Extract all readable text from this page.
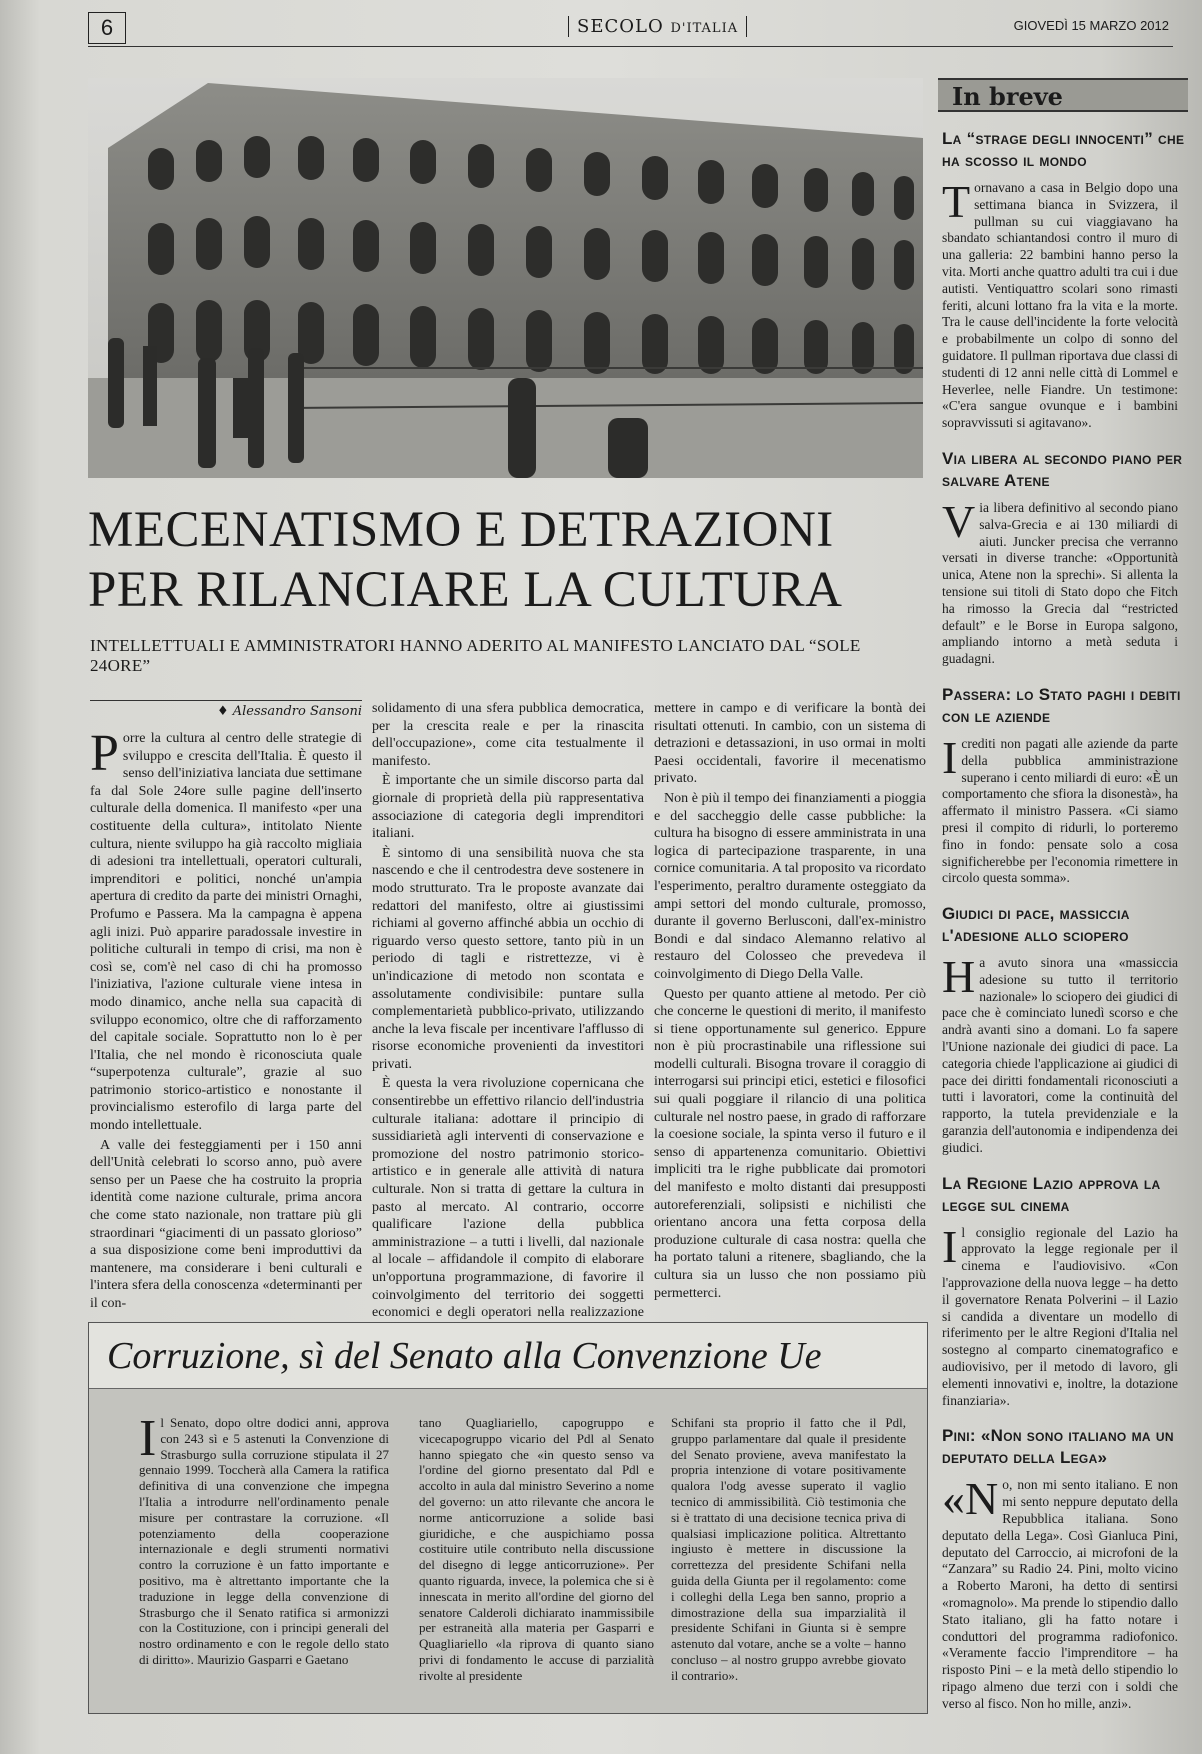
6	SECOLO D'ITALIA	GIOVEDÌ 15 MARZO 2012
MECENATISMO E DETRAZIONI
PER RILANCIARE LA CULTURA
INTELLETTUALI E AMMINISTRATORI HANNO ADERITO AL MANIFESTO LANCIATO DAL “SOLE 24ORE”
♦ Alessandro Sansoni

Porre la cultura al centro delle strategie di sviluppo e crescita dell'Italia. È questo il senso dell'iniziativa lanciata due settimane fa dal Sole 24ore sulle pagine dell'inserto culturale della domenica. Il manifesto «per una costituente della cultura», intitolato Niente cultura, niente sviluppo ha già raccolto migliaia di adesioni tra intellettuali, operatori culturali, imprenditori e politici, nonché un'ampia apertura di credito da parte dei ministri Ornaghi, Profumo e Passera. Ma la campagna è appena agli inizi. Può apparire paradossale investire in politiche culturali in tempo di crisi, ma non è così se, com'è nel caso di chi ha promosso l'iniziativa, l'azione culturale viene intesa in modo dinamico, anche nella sua capacità di sviluppo economico, oltre che di rafforzamento del capitale sociale. Soprattutto non lo è per l'Italia, che nel mondo è riconosciuta quale “superpotenza culturale”, grazie al suo patrimonio storico-artistico e nonostante il provincialismo esterofilo di larga parte del mondo intellettuale.

A valle dei festeggiamenti per i 150 anni dell'Unità celebrati lo scorso anno, può avere senso per un Paese che ha costruito la propria identità come nazione culturale, prima ancora che come stato nazionale, non trattare più gli straordinari “giacimenti di un passato glorioso” a sua disposizione come beni improduttivi da mantenere, ma considerare i beni culturali e l'intera sfera della conoscenza «determinanti per il con-

solidamento di una sfera pubblica democratica, per la crescita reale e per la rinascita dell'occupazione», come cita testualmente il manifesto.

È importante che un simile discorso parta dal giornale di proprietà della più rappresentativa associazione di categoria degli imprenditori italiani.

È sintomo di una sensibilità nuova che sta nascendo e che il centrodestra deve sostenere in modo strutturato. Tra le proposte avanzate dai redattori del manifesto, oltre ai giustissimi richiami al governo affinché abbia un occhio di riguardo verso questo settore, tanto più in un periodo di tagli e ristrettezze, vi è un'indicazione di metodo non scontata e assolutamente condivisibile: puntare sulla complementarietà pubblico-privato, utilizzando anche la leva fiscale per incentivare l'afflusso di risorse economiche provenienti da investitori privati.

È questa la vera rivoluzione copernicana che consentirebbe un effettivo rilancio dell'industria culturale italiana: adottare il principio di sussidiarietà agli interventi di conservazione e promozione del nostro patrimonio storico-artistico e in generale alle attività di natura culturale. Non si tratta di gettare la cultura in pasto al mercato. Al contrario, occorre qualificare l'azione della pubblica amministrazione – a tutti i livelli, dal nazionale al locale – affidandole il compito di elaborare un'opportuna programmazione, di favorire il coinvolgimento del territorio dei soggetti economici e degli operatori nella realizzazione

mettere in campo e di verificare la bontà dei risultati ottenuti. In cambio, con un sistema di detrazioni e detassazioni, in uso ormai in molti Paesi occidentali, favorire il mecenatismo privato.

Non è più il tempo dei finanziamenti a pioggia e del saccheggio delle casse pubbliche: la cultura ha bisogno di essere amministrata in una logica di partecipazione trasparente, in una cornice comunitaria. A tal proposito va ricordato l'esperimento, peraltro duramente osteggiato da ampi settori del mondo culturale, promosso, durante il governo Berlusconi, dall'ex-ministro Bondi e dal sindaco Alemanno relativo al restauro del Colosseo che prevedeva il coinvolgimento di Diego Della Valle.

Questo per quanto attiene al metodo. Per ciò che concerne le questioni di merito, il manifesto si tiene opportunamente sul generico. Eppure non è più procrastinabile una riflessione sui modelli culturali. Bisogna trovare il coraggio di interrogarsi sui principi etici, estetici e filosofici sui quali poggiare il rilancio di una politica culturale nel nostro paese, in grado di rafforzare la coesione sociale, la spinta verso il futuro e il senso di appartenenza comunitario. Obiettivi impliciti tra le righe pubblicate dai promotori del manifesto e molto distanti dai presupposti autoreferenziali, solipsisti e nichilisti che orientano ancora una fetta corposa della produzione culturale di casa nostra: quella che ha portato taluni a ritenere, sbagliando, che la cultura sia un lusso che non possiamo più permetterci.

In breve
La “strage degli innocenti” che ha scosso il mondo
Tornavano a casa in Belgio dopo una settimana bianca in Svizzera, il pullman su cui viaggiavano ha sbandato schiantandosi contro il muro di una galleria: 22 bambini hanno perso la vita. Morti anche quattro adulti tra cui i due autisti. Ventiquattro scolari sono rimasti feriti, alcuni lottano fra la vita e la morte. Tra le cause dell'incidente la forte velocità e probabilmente un colpo di sonno del guidatore. Il pullman riportava due classi di studenti di 12 anni nelle città di Lommel e Heverlee, nelle Fiandre. Un testimone: «C'era sangue ovunque e i bambini sopravvissuti si agitavano».
Via libera al secondo piano per salvare Atene
Via libera definitivo al secondo piano salva-Grecia e ai 130 miliardi di aiuti. Juncker precisa che verranno versati in diverse tranche: «Opportunità unica, Atene non la sprechi». Si allenta la tensione sui titoli di Stato dopo che Fitch ha rimosso la Grecia dal “restricted default” e le Borse in Europa salgono, ampliando intorno a metà seduta i guadagni.
Passera: lo Stato paghi i debiti con le aziende
Icrediti non pagati alle aziende da parte della pubblica amministrazione superano i cento miliardi di euro: «È un comportamento che sfiora la disonestà», ha affermato il ministro Passera. «Ci siamo presi il compito di ridurli, lo porteremo fino in fondo: pensate solo a cosa significherebbe per l'economia rimettere in circolo questa somma».
Giudici di pace, massiccia l'adesione allo sciopero
Ha avuto sinora una «massiccia adesione su tutto il territorio nazionale» lo sciopero dei giudici di pace che è cominciato lunedì scorso e che andrà avanti sino a domani. Lo fa sapere l'Unione nazionale dei giudici di pace. La categoria chiede l'applicazione ai giudici di pace dei diritti fondamentali riconosciuti a tutti i lavoratori, come la continuità del rapporto, la tutela previdenziale e la garanzia dell'autonomia e indipendenza dei giudici.
La Regione Lazio approva la legge sul cinema
Il consiglio regionale del Lazio ha approvato la legge regionale per il cinema e l'audiovisivo. «Con l'approvazione della nuova legge – ha detto il governatore Renata Polverini – il Lazio si candida a diventare un modello di riferimento per le altre Regioni d'Italia nel sostegno al comparto cinematografico e audiovisivo, per il metodo di lavoro, gli elementi innovativi e, inoltre, la dotazione finanziaria».
Pini: «Non sono italiano ma un deputato della Lega»
«No, non mi sento italiano. E non mi sento neppure deputato della Repubblica italiana. Sono deputato della Lega». Così Gianluca Pini, deputato del Carroccio, ai microfoni de la “Zanzara” su Radio 24. Pini, molto vicino a Roberto Maroni, ha detto di sentirsi «romagnolo». Ma prende lo stipendio dallo Stato italiano, gli ha fatto notare i conduttori del programma radiofonico. «Veramente faccio l'imprenditore – ha risposto Pini – e la metà dello stipendio lo ripago almeno due terzi con i soldi che verso al fisco. Non ho mille, anzi».
Corruzione, sì del Senato alla Convenzione Ue

Il Senato, dopo oltre dodici anni, approva con 243 sì e 5 astenuti la Convenzione di Strasburgo sulla corruzione stipulata il 27 gennaio 1999. Toccherà alla Camera la ratifica definitiva di una convenzione che impegna l'Italia a introdurre nell'ordinamento penale misure per contrastare la corruzione. «Il potenziamento della cooperazione internazionale e degli strumenti normativi contro la corruzione è un fatto importante e positivo, ma è altrettanto importante che la traduzione in legge della convenzione di Strasburgo che il Senato ratifica si armonizzi con la Costituzione, con i principi generali del nostro ordinamento e con le regole dello stato di diritto». Maurizio Gasparri e Gaetano

tano Quagliariello, capogruppo e vicecapogruppo vicario del Pdl al Senato hanno spiegato che «in questo senso va l'ordine del giorno presentato dal Pdl e accolto in aula dal ministro Severino a nome del governo: un atto rilevante che ancora le norme anticorruzione a solide basi giuridiche, e che auspichiamo possa costituire utile contributo nella discussione del disegno di legge anticorruzione». Per quanto riguarda, invece, la polemica che si è innescata in merito all'ordine del giorno del senatore Calderoli dichiarato inammissibile per estraneità alla materia per Gasparri e Quagliariello «la riprova di quanto siano privi di fondamento le accuse di parzialità rivolte al presidente

Schifani sta proprio il fatto che il Pdl, gruppo parlamentare dal quale il presidente del Senato proviene, aveva manifestato la propria intenzione di votare positivamente qualora l'odg avesse superato il vaglio tecnico di ammissibilità. Ciò testimonia che si è trattato di una decisione tecnica priva di qualsiasi implicazione politica. Altrettanto ingiusto è mettere in discussione la correttezza del presidente Schifani nella guida della Giunta per il regolamento: come i colleghi della Lega ben sanno, proprio a dimostrazione della sua imparzialità il presidente Schifani in Giunta si è sempre astenuto dal votare, anche se a volte – hanno concluso – al nostro gruppo avrebbe giovato il contrario».
